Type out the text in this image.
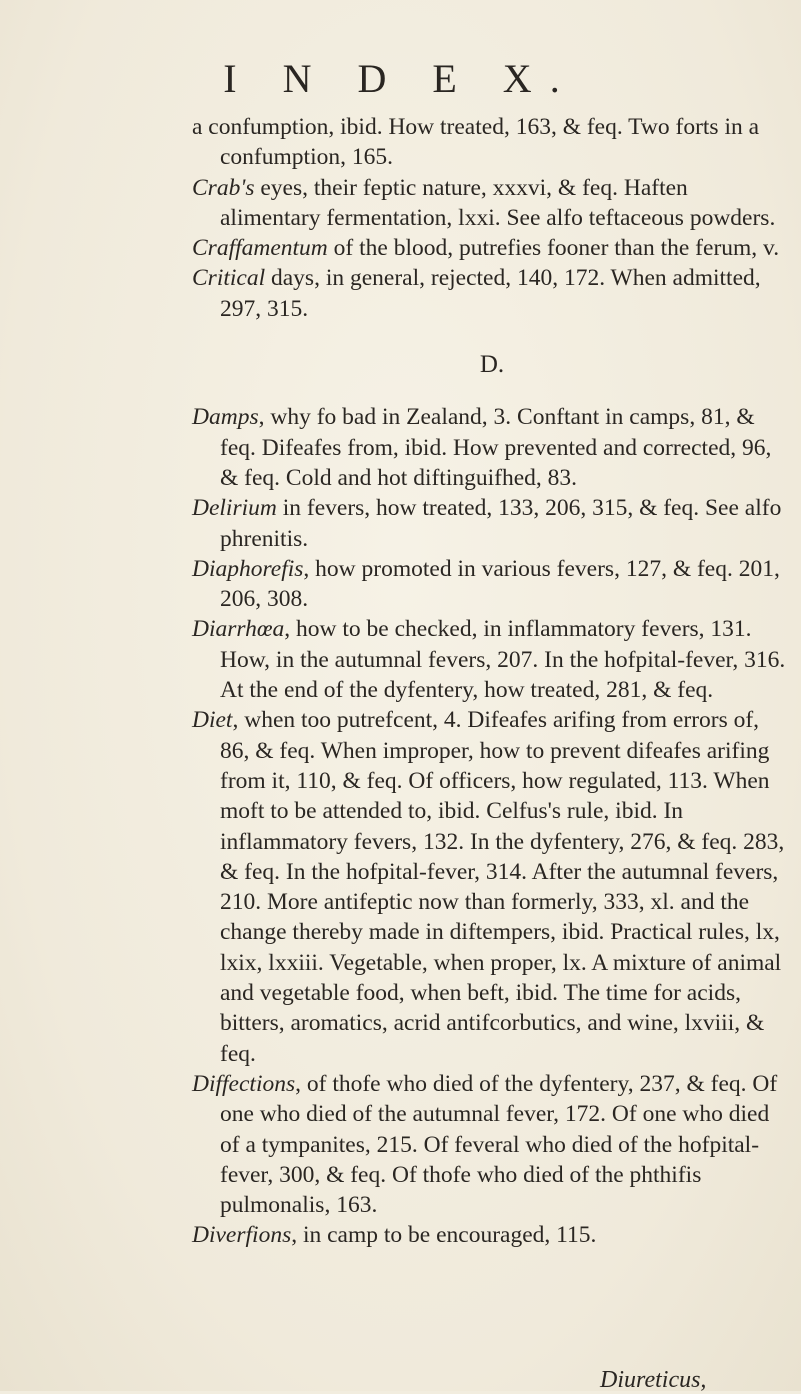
I N D E X.

a confumption, ibid. How treated, 163, & feq. Two forts in a confumption, 165.

Crab's eyes, their feptic nature, xxxvi, & feq. Haften alimentary fermentation, lxxi. See alfo teftaceous powders.

Craffamentum of the blood, putrefies fooner than the ferum, v.

Critical days, in general, rejected, 140, 172. When admitted, 297, 315.

D.

Damps, why fo bad in Zealand, 3. Conftant in camps, 81, & feq. Difeafes from, ibid. How prevented and corrected, 96, & feq. Cold and hot diftinguifhed, 83.

Delirium in fevers, how treated, 133, 206, 315, & feq. See alfo phrenitis.

Diaphorefis, how promoted in various fevers, 127, & feq. 201, 206, 308.

Diarrhœa, how to be checked, in inflammatory fevers, 131. How, in the autumnal fevers, 207. In the hofpital-fever, 316. At the end of the dyfentery, how treated, 281, & feq.

Diet, when too putrefcent, 4. Difeafes arifing from errors of, 86, & feq. When improper, how to prevent difeafes arifing from it, 110, & feq. Of officers, how regulated, 113. When moft to be attended to, ibid. Celfus's rule, ibid. In inflammatory fevers, 132. In the dyfentery, 276, & feq. 283, & feq. In the hofpital-fever, 314. After the autumnal fevers, 210. More antifeptic now than formerly, 333, xl. and the change thereby made in diftempers, ibid. Practical rules, lx, lxix, lxxiii. Vegetable, when proper, lx. A mixture of animal and vegetable food, when beft, ibid. The time for acids, bitters, aromatics, acrid antifcorbutics, and wine, lxviii, & feq.

Diffections, of thofe who died of the dyfentery, 237, & feq. Of one who died of the autumnal fever, 172. Of one who died of a tympanites, 215. Of feveral who died of the hofpital-fever, 300, & feq. Of thofe who died of the phthifis pulmonalis, 163.

Diverfions, in camp to be encouraged, 115.

Diureticus,
